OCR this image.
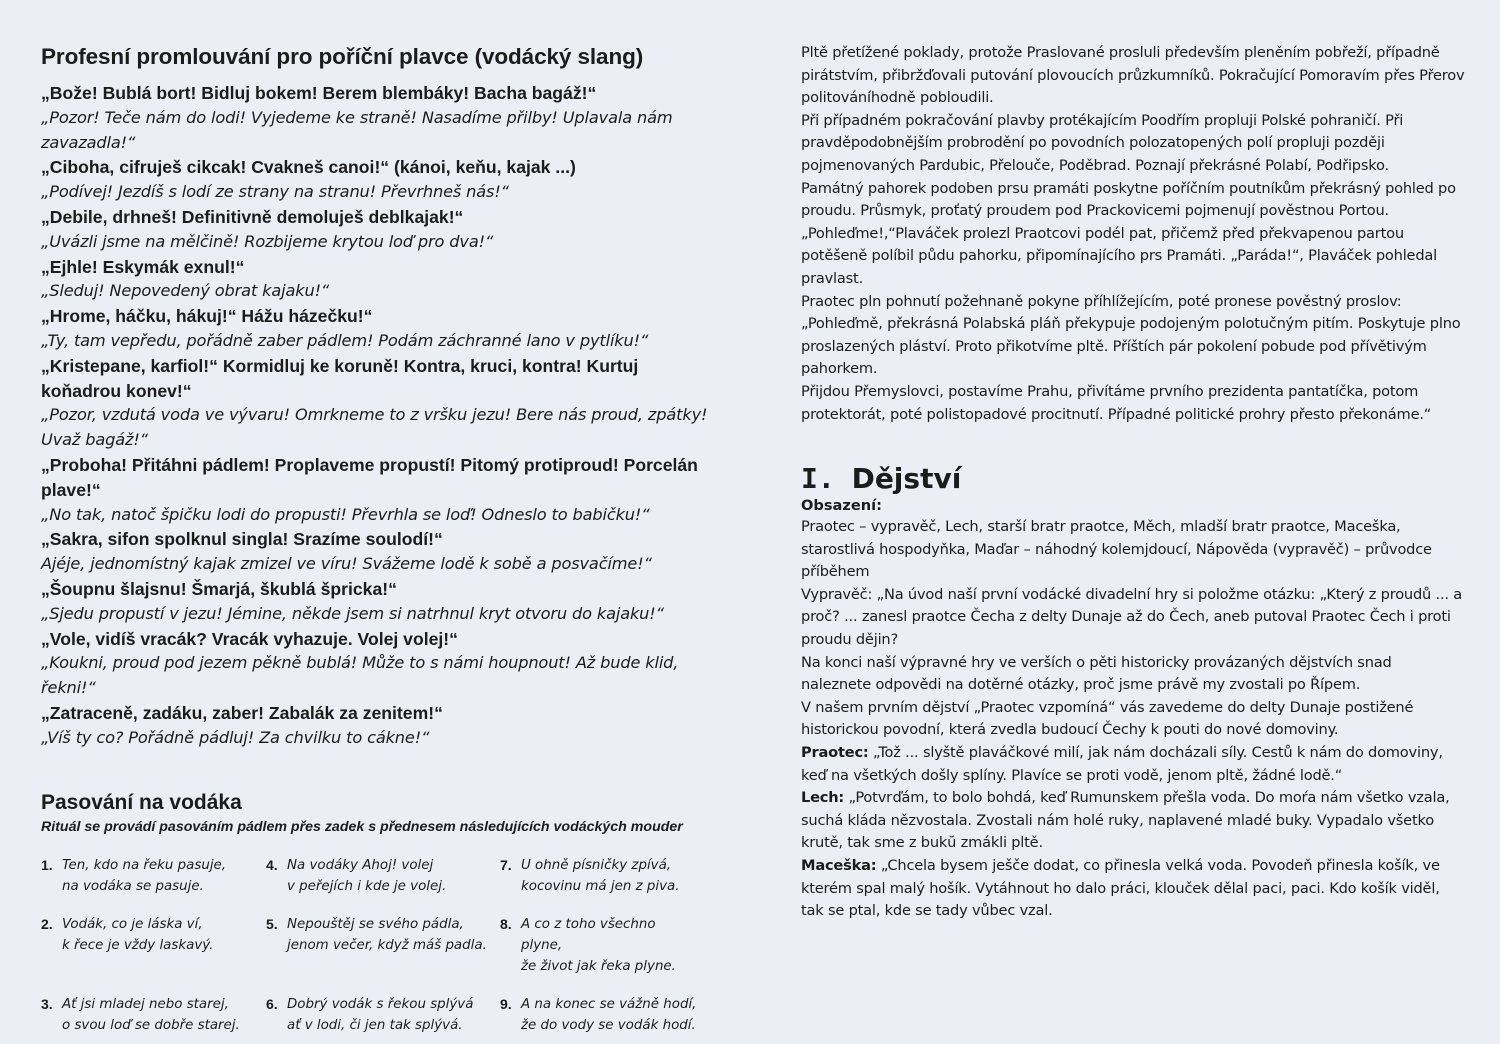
Profesní promlouvání pro poříční plavce (vodácký slang)
„Bože! Bublá bort! Bidluj bokem! Berem blembáky! Bacha bagáž!“
„Pozor! Teče nám do lodi! Vyjedeme ke straně! Nasadíme přilby! Uplavala nám zavazadla!“
„Ciboha, cifruješ cikcak! Cvakneš canoi!“ (kánoi, keňu, kajak ...)
„Podívej! Jezdíš s lodí ze strany na stranu! Převrhneš nás!“
„Debile, drhneš! Definitivně demoluješ deblkajak!“
„Uvázli jsme na mělčině! Rozbijeme krytou loď pro dva!“
„Ejhle! Eskymák exnul!“
„Sleduj! Nepovedený obrat kajaku!“
„Hrome, háčku, hákuj!“ Hážu házečku!“
„Ty, tam vepředu, pořádně zaber pádlem! Podám záchranné lano v pytlíku!“
„Kristepane, karfiol!“ Kormidluj ke koruně! Kontra, kruci, kontra! Kurtuj koňadrou konev!“
„Pozor, vzdutá voda ve vývaru! Omrkneme to z vršku jezu! Bere nás proud, zpátky! Uvaž bagáž!“
„Proboha! Přitáhni pádlem! Proplaveme propustí! Pitomý protiproud! Porcelán plave!“
„No tak, natoč špičku lodi do propusti! Převrhla se loď! Odneslo to babičku!“
„Sakra, sifon spolknul singla! Srazíme soulodí!“
Ajéje, jednomístný kajak zmizel ve víru! Svážeme lodě k sobě a posvačíme!“
„Šoupnu šlajsnu! Šmarjá, škublá špricka!“
„Sjedu propustí v jezu! Jémine, někde jsem si natrhnul kryt otvoru do kajaku!“
„Vole, vidíš vracák? Vracák vyhazuje. Volej volej!“
„Koukni, proud pod jezem pěkně bublá! Může to s námi houpnout! Až bude klid, řekni!“
„Zatraceně, zadáku, zaber! Zabalák za zenitem!“
„Víš ty co? Pořádně pádluj! Za chvilku to cákne!“
Pasování na vodáka
Rituál se provádí pasováním pádlem přes zadek s přednesem následujících vodáckých mouder
1. Ten, kdo na řeku pasuje,
na vodáka se pasuje.
4. Na vodáky Ahoj! volej
v peřejích i kde je volej.
7. U ohně písničky zpívá,
kocovinu má jen z piva.
2. Vodák, co je láska ví,
k řece je vždy laskavý.
5. Nepouštěj se svého pádla,
jenom večer, když máš padla.
8. A co z toho všechno plyne,
že život jak řeka plyne.
3. Ať jsi mladej nebo starej,
o svou loď se dobře starej.
6. Dobrý vodák s řekou splývá
ať v lodi, či jen tak splývá.
9. A na konec se vážně hodí,
že do vody se vodák hodí.

Pltě přetížené poklady, protože Praslované prosluli především pleněním pobřeží, případně pirátstvím, přibržďovali putování plovoucích průzkumníků. Pokračující Pomoravím přes Přerov politováníhodně pobloudili.

Při případném pokračování plavby protékajícím Poodřím propluji Polské pohraničí. Při pravděpodobnějším probrodění po povodních polozatopených polí propluji později pojmenovaných Pardubic, Přelouče, Poděbrad. Poznají překrásné Polabí, Podřipsko.

Památný pahorek podoben prsu pramáti poskytne poříčním poutníkům překrásný pohled po proudu. Průsmyk, proťatý proudem pod Prackovicemi pojmenují pověstnou Portou. „Pohleďme!,“Plaváček prolezl Praotcovi podél pat, přičemž před překvapenou partou potěšeně políbil půdu pahorku, připomínajícího prs Pramáti. „Paráda!“, Plaváček pohledal pravlast.

Praotec pln pohnutí požehnaně pokyne příhlížejícím, poté pronese pověstný proslov: „Pohleďmě, překrásná Polabská pláň překypuje podojeným polotučným pitím. Poskytuje plno proslazených pláství. Proto přikotvíme pltě. Příštích pár pokolení pobude pod přívětivým pahorkem.

Přijdou Přemyslovci, postavíme Prahu, přivítáme prvního prezidenta pantatíčka, potom protektorát, poté polistopadové procitnutí. Případné politické prohry přesto překonáme.“

I. Dějství
Obsazení:

Praotec – vypravěč, Lech, starší bratr praotce, Měch, mladší bratr praotce, Maceška, starostlivá hospodyňka, Maďar – náhodný kolemjdoucí, Nápověda (vypravěč) – průvodce příběhem

Vypravěč: „Na úvod naší první vodácké divadelní hry si položme otázku: „Který z proudů ... a proč? ... zanesl praotce Čecha z delty Dunaje až do Čech, aneb putoval Praotec Čech i proti proudu dějin?

Na konci naší výpravné hry ve verších o pěti historicky provázaných dějstvích snad naleznete odpovědi na dotěrné otázky, proč jsme právě my zvostali po Řípem.

V našem prvním dějství „Praotec vzpomíná“ vás zavedeme do delty Dunaje postižené historickou povodní, která zvedla budoucí Čechy k pouti do nové domoviny.

Praotec: „Tož ... slyště plaváčkové milí, jak nám docházali síly. Cestů k nám do domoviny, keď na všetkých došly splíny. Plavíce se proti vodě, jenom pltě, žádné lodě.“

Lech: „Potvrďám, to bolo bohdá, keď Rumunskem přešla voda. Do moŕa nám všetko vzala, suchá kláda nězvostala. Zvostali nám holé ruky, naplavené mladé buky. Vypadalo všetko krutě, tak sme z bukŭ zmákli pltě.

Maceška: „Chcela bysem ješče dodat, co přinesla velká voda. Povodeň přinesla košík, ve kterém spal malý hošík. Vytáhnout ho dalo práci, klouček dělal paci, paci. Kdo košík viděl, tak se ptal, kde se tady vůbec vzal.
